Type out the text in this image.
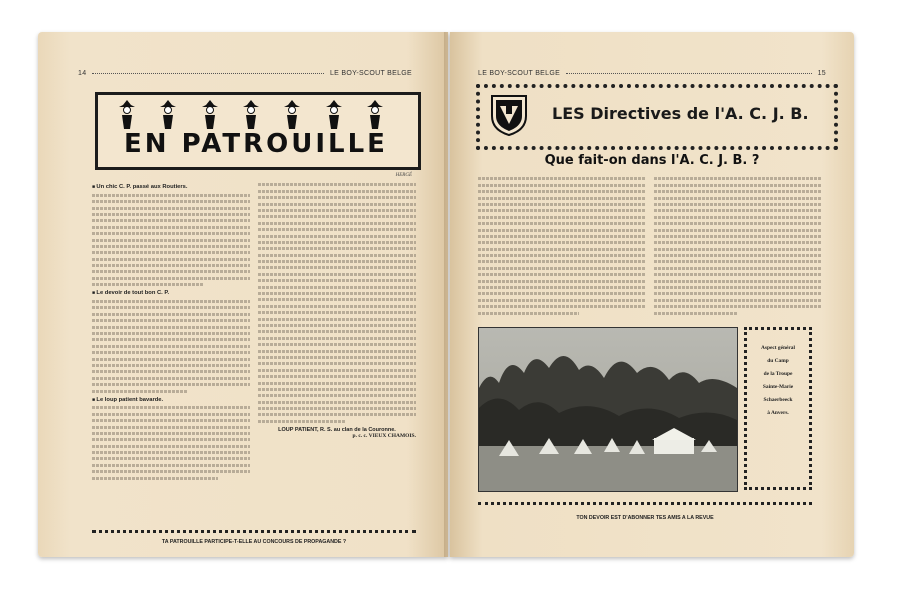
14	LE BOY-SCOUT BELGE
EN PATROUILLE
HERGÉ
■ Un chic C. P. passé aux Routiers.
■ Le devoir de tout bon C. P.
■ Le loup patient bavarde.
LOUP PATIENT, R. S. au clan de la Couronne.
p. c. c. VIEUX CHAMOIS.
TA PATROUILLE PARTICIPE-T-ELLE AU CONCOURS DE PROPAGANDE ?
LE BOY-SCOUT BELGE	15
LES Directives de l'A. C. J. B.
Que fait-on dans l'A. C. J. B. ?
Aspect général
du Camp
de la Troupe
Sainte-Marie
Schaerbeeck
à Anvers.
TON DEVOIR EST D'ABONNER TES AMIS A LA REVUE
